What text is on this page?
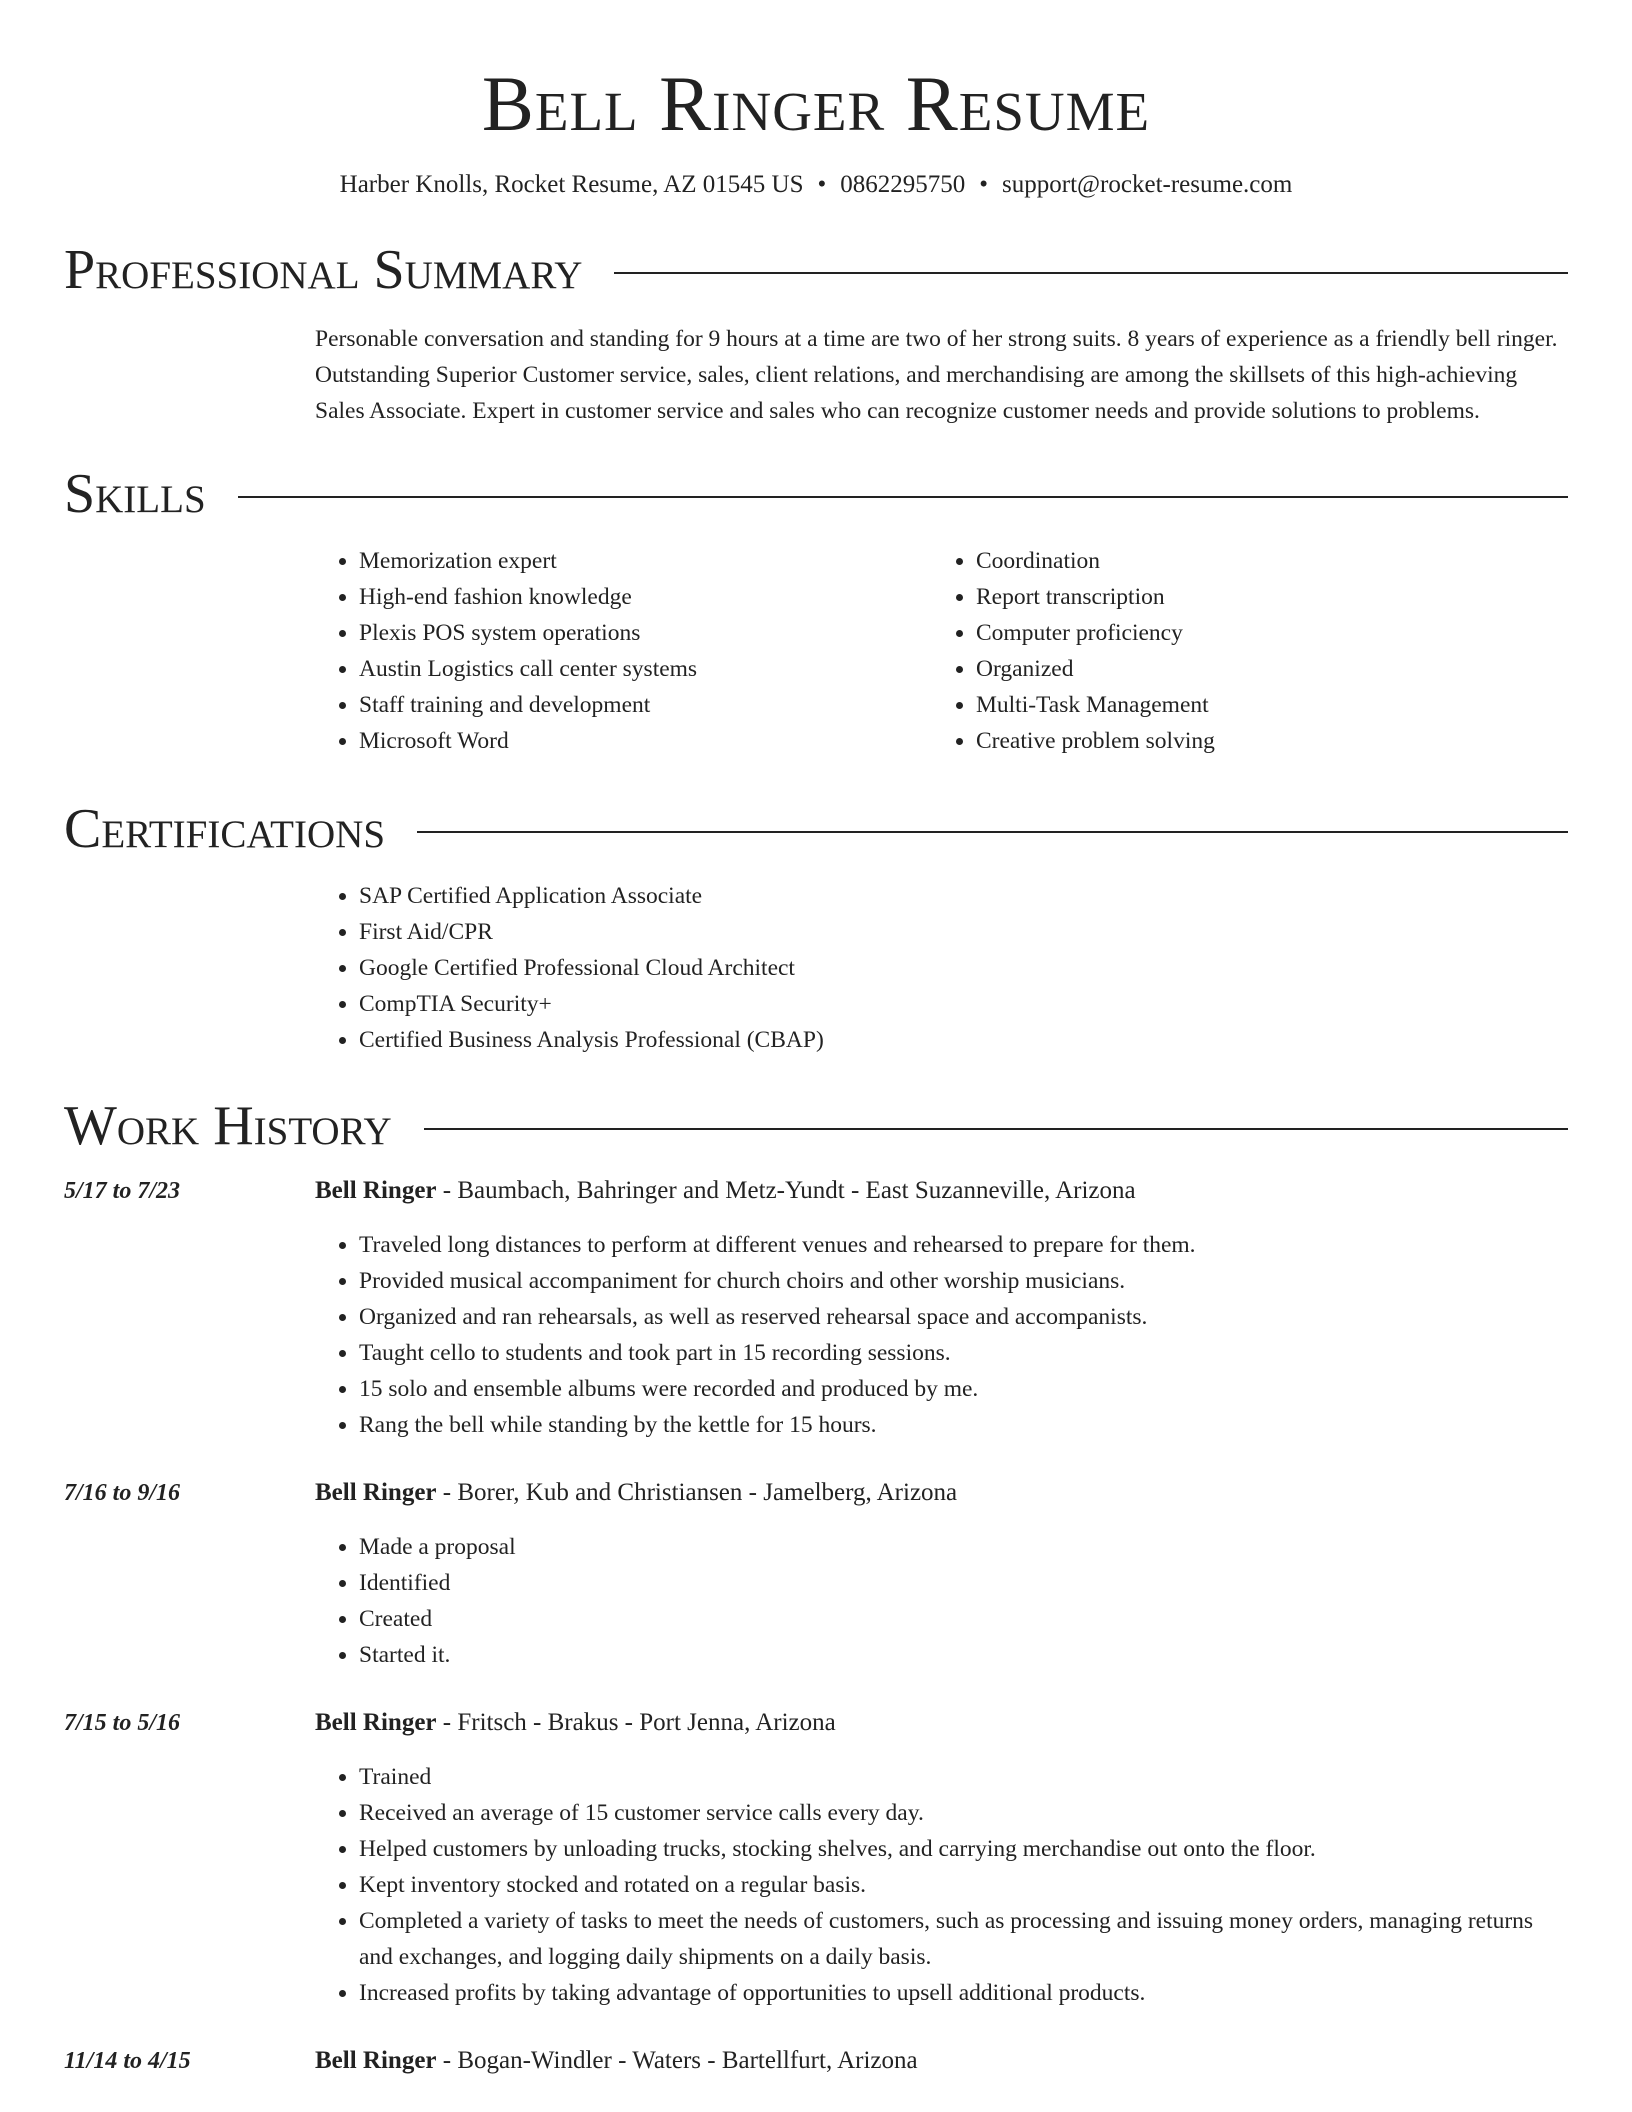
Bell Ringer Resume
Harber Knolls, Rocket Resume, AZ 01545 US • 0862295750 • support@rocket-resume.com
Professional Summary

Personable conversation and standing for 9 hours at a time are two of her strong suits. 8 years of experience as a friendly bell ringer. Outstanding Superior Customer service, sales, client relations, and merchandising are among the skillsets of this high-achieving Sales Associate. Expert in customer service and sales who can recognize customer needs and provide solutions to problems.

Skills
• Memorization expert
• High-end fashion knowledge
• Plexis POS system operations
• Austin Logistics call center systems
• Staff training and development
• Microsoft Word
• Coordination
• Report transcription
• Computer proficiency
• Organized
• Multi-Task Management
• Creative problem solving
Certifications
• SAP Certified Application Associate
• First Aid/CPR
• Google Certified Professional Cloud Architect
• CompTIA Security+
• Certified Business Analysis Professional (CBAP)
Work History
5/17 to 7/23	Bell Ringer - Baumbach, Bahringer and Metz-Yundt - East Suzanneville, Arizona

• Traveled long distances to perform at different venues and rehearsed to prepare for them.
• Provided musical accompaniment for church choirs and other worship musicians.
• Organized and ran rehearsals, as well as reserved rehearsal space and accompanists.
• Taught cello to students and took part in 15 recording sessions.
• 15 solo and ensemble albums were recorded and produced by me.
• Rang the bell while standing by the kettle for 15 hours.
7/16 to 9/16	Bell Ringer - Borer, Kub and Christiansen - Jamelberg, Arizona

• Made a proposal
• Identified
• Created
• Started it.
7/15 to 5/16	Bell Ringer - Fritsch - Brakus - Port Jenna, Arizona

• Trained
• Received an average of 15 customer service calls every day.
• Helped customers by unloading trucks, stocking shelves, and carrying merchandise out onto the floor.
• Kept inventory stocked and rotated on a regular basis.
• Completed a variety of tasks to meet the needs of customers, such as processing and issuing money orders, managing returns and exchanges, and logging daily shipments on a daily basis.
• Increased profits by taking advantage of opportunities to upsell additional products.
11/14 to 4/15	Bell Ringer - Bogan-Windler - Waters - Bartellfurt, Arizona
